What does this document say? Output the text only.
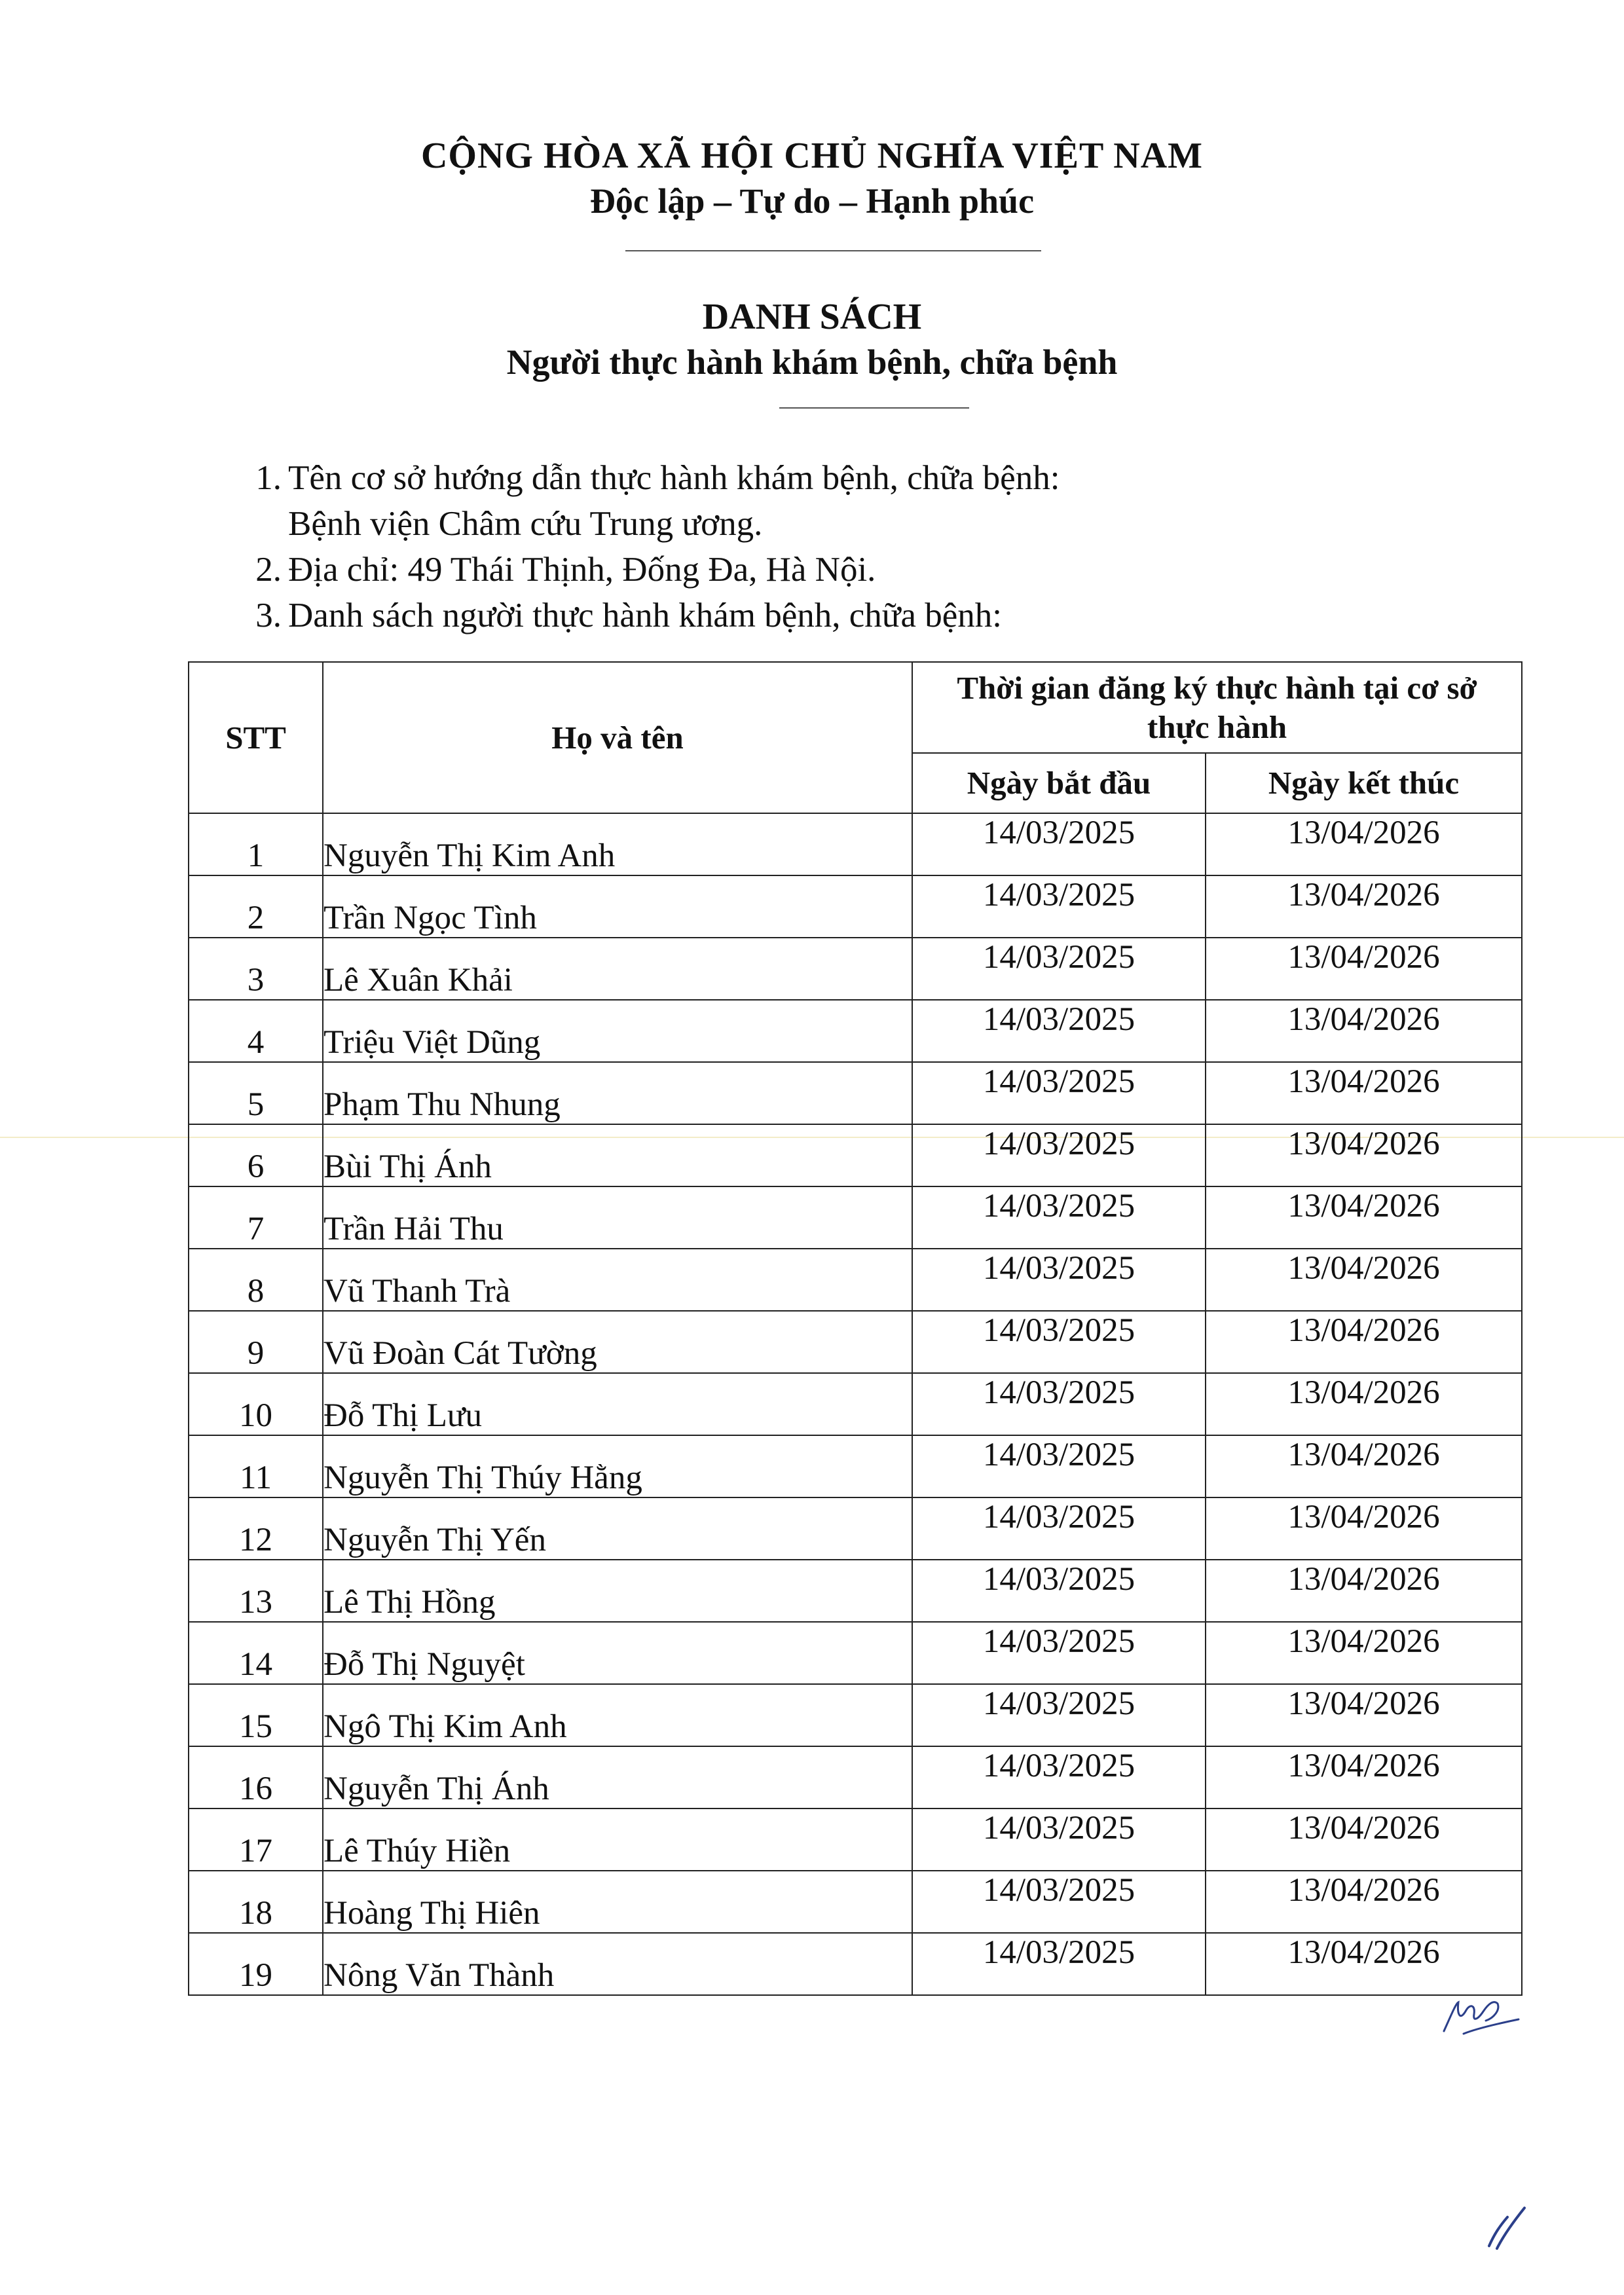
CỘNG HÒA XÃ HỘI CHỦ NGHĨA VIỆT NAM
Độc lập – Tự do – Hạnh phúc
DANH SÁCH
Người thực hành khám bệnh, chữa bệnh
1. Tên cơ sở hướng dẫn thực hành khám bệnh, chữa bệnh:
Bệnh viện Châm cứu Trung ương.
2. Địa chỉ: 49 Thái Thịnh, Đống Đa, Hà Nội.
3. Danh sách người thực hành khám bệnh, chữa bệnh:
STT	Họ và tên	Thời gian đăng ký thực hành tại cơ sở thực hành	
		Ngày bắt đầu	Ngày kết thúc
1	Nguyễn Thị Kim Anh	14/03/2025	13/04/2026
2	Trần Ngọc Tình	14/03/2025	13/04/2026
3	Lê Xuân Khải	14/03/2025	13/04/2026
4	Triệu Việt Dũng	14/03/2025	13/04/2026
5	Phạm Thu Nhung	14/03/2025	13/04/2026
6	Bùi Thị Ánh	14/03/2025	13/04/2026
7	Trần Hải Thu	14/03/2025	13/04/2026
8	Vũ Thanh Trà	14/03/2025	13/04/2026
9	Vũ Đoàn Cát Tường	14/03/2025	13/04/2026
10	Đỗ Thị Lưu	14/03/2025	13/04/2026
11	Nguyễn Thị Thúy Hằng	14/03/2025	13/04/2026
12	Nguyễn Thị Yến	14/03/2025	13/04/2026
13	Lê Thị Hồng	14/03/2025	13/04/2026
14	Đỗ Thị Nguyệt	14/03/2025	13/04/2026
15	Ngô Thị Kim Anh	14/03/2025	13/04/2026
16	Nguyễn Thị Ánh	14/03/2025	13/04/2026
17	Lê Thúy Hiền	14/03/2025	13/04/2026
18	Hoàng Thị Hiên	14/03/2025	13/04/2026
19	Nông Văn Thành	14/03/2025	13/04/2026
